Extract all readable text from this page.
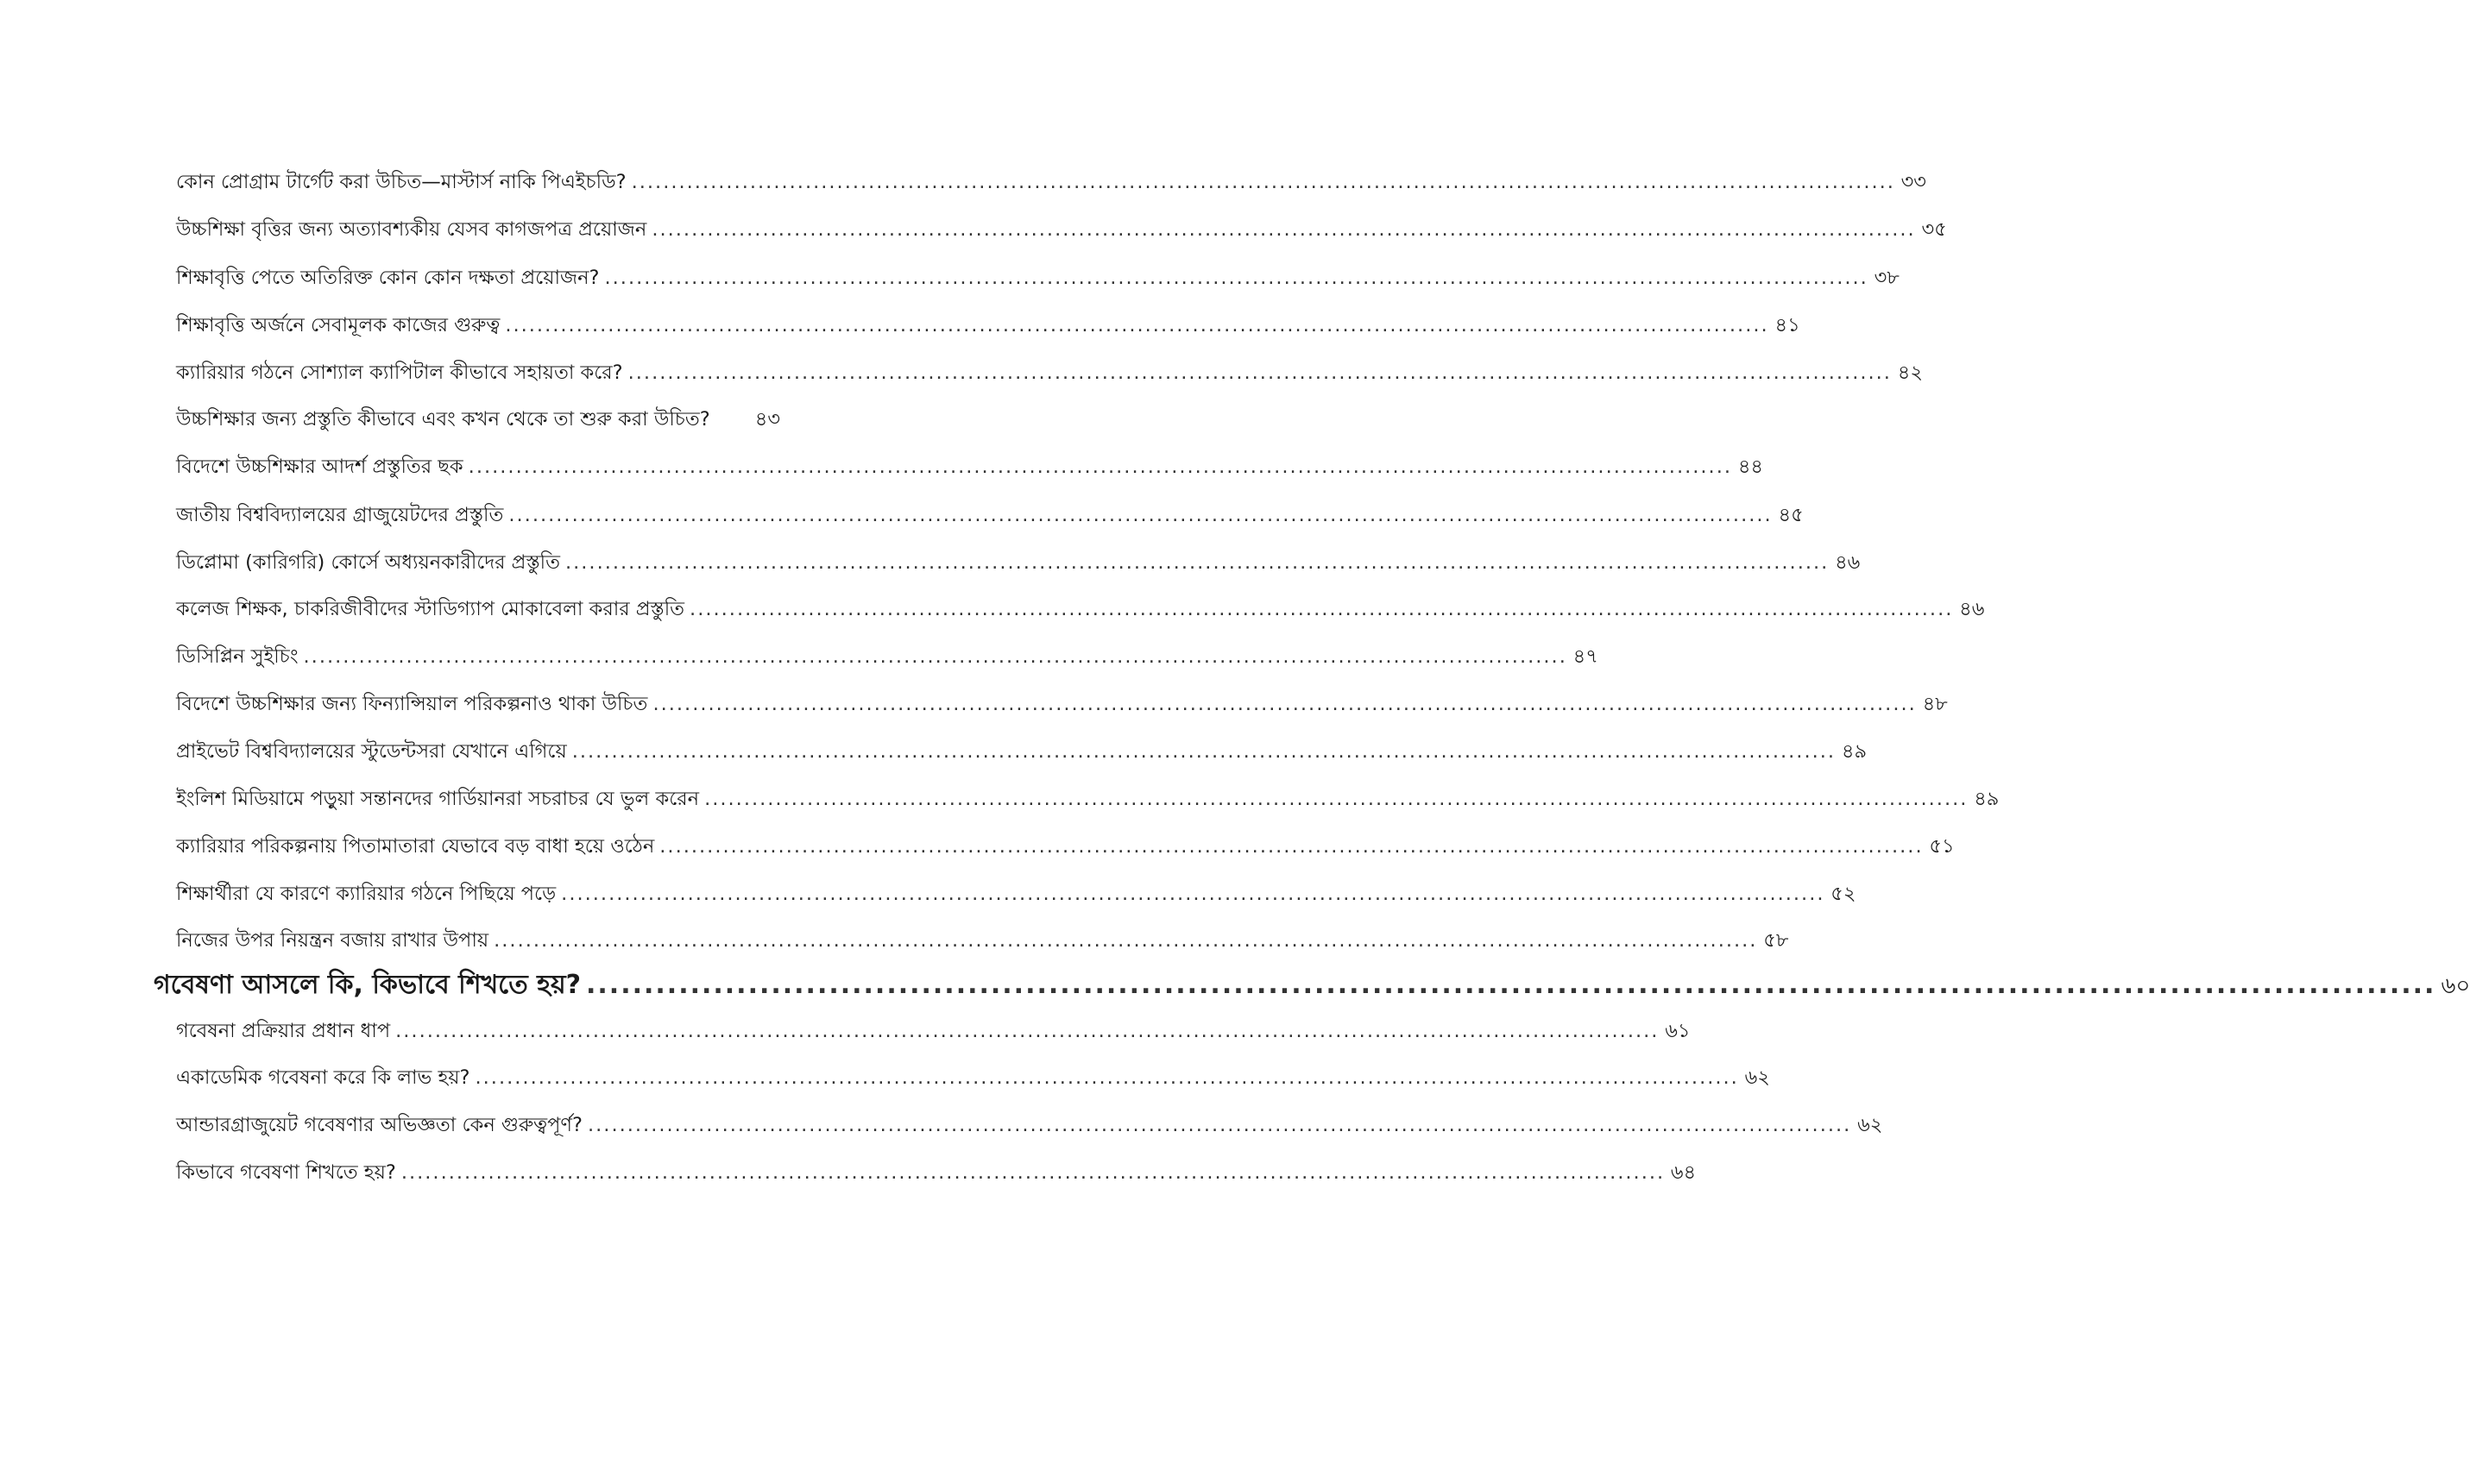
কোন প্রোগ্রাম টার্গেট করা উচিত—মাস্টার্স নাকি পিএইচডি? ................................................................................................................................................................ ৩৩
উচ্চশিক্ষা বৃত্তির জন্য অত্যাবশ্যকীয় যেসব কাগজপত্র প্রয়োজন ................................................................................................................................................................ ৩৫
শিক্ষাবৃত্তি পেতে অতিরিক্ত কোন কোন দক্ষতা প্রয়োজন? ................................................................................................................................................................ ৩৮
শিক্ষাবৃত্তি অর্জনে সেবামূলক কাজের গুরুত্ব ................................................................................................................................................................ ৪১
ক্যারিয়ার গঠনে সোশ্যাল ক্যাপিটাল কীভাবে সহায়তা করে? ................................................................................................................................................................ ৪২
উচ্চশিক্ষার জন্য প্রস্তুতি কীভাবে এবং কখন থেকে তা শুরু করা উচিত? ৪৩
বিদেশে উচ্চশিক্ষার আদর্শ প্রস্তুতির ছক ................................................................................................................................................................ ৪৪
জাতীয় বিশ্ববিদ্যালয়ের গ্রাজুয়েটদের প্রস্তুতি ................................................................................................................................................................ ৪৫
ডিপ্লোমা (কারিগরি) কোর্সে অধ্যয়নকারীদের প্রস্তুতি ................................................................................................................................................................ ৪৬
কলেজ শিক্ষক, চাকরিজীবীদের স্টাডিগ্যাপ মোকাবেলা করার প্রস্তুতি ................................................................................................................................................................ ৪৬
ডিসিপ্লিন সুইচিং ................................................................................................................................................................ ৪৭
বিদেশে উচ্চশিক্ষার জন্য ফিন্যান্সিয়াল পরিকল্পনাও থাকা উচিত ................................................................................................................................................................ ৪৮
প্রাইভেট বিশ্ববিদ্যালয়ের স্টুডেন্টসরা যেখানে এগিয়ে ................................................................................................................................................................ ৪৯
ইংলিশ মিডিয়ামে পড়ুয়া সন্তানদের গার্ডিয়ানরা সচরাচর যে ভুল করেন ................................................................................................................................................................ ৪৯
ক্যারিয়ার পরিকল্পনায় পিতামাতারা যেভাবে বড় বাধা হয়ে ওঠেন ................................................................................................................................................................ ৫১
শিক্ষার্থীরা যে কারণে ক্যারিয়ার গঠনে পিছিয়ে পড়ে ................................................................................................................................................................ ৫২
নিজের উপর নিয়ন্ত্রন বজায় রাখার উপায় ................................................................................................................................................................ ৫৮
গবেষণা আসলে কি, কিভাবে শিখতে হয়? ................................................................................................................................................................ ৬০
গবেষনা প্রক্রিয়ার প্রধান ধাপ ................................................................................................................................................................ ৬১
একাডেমিক গবেষনা করে কি লাভ হয়? ................................................................................................................................................................ ৬২
আন্ডারগ্রাজুয়েট গবেষণার অভিজ্ঞতা কেন গুরুত্বপূর্ণ? ................................................................................................................................................................ ৬২
কিভাবে গবেষণা শিখতে হয়? ................................................................................................................................................................ ৬৪
